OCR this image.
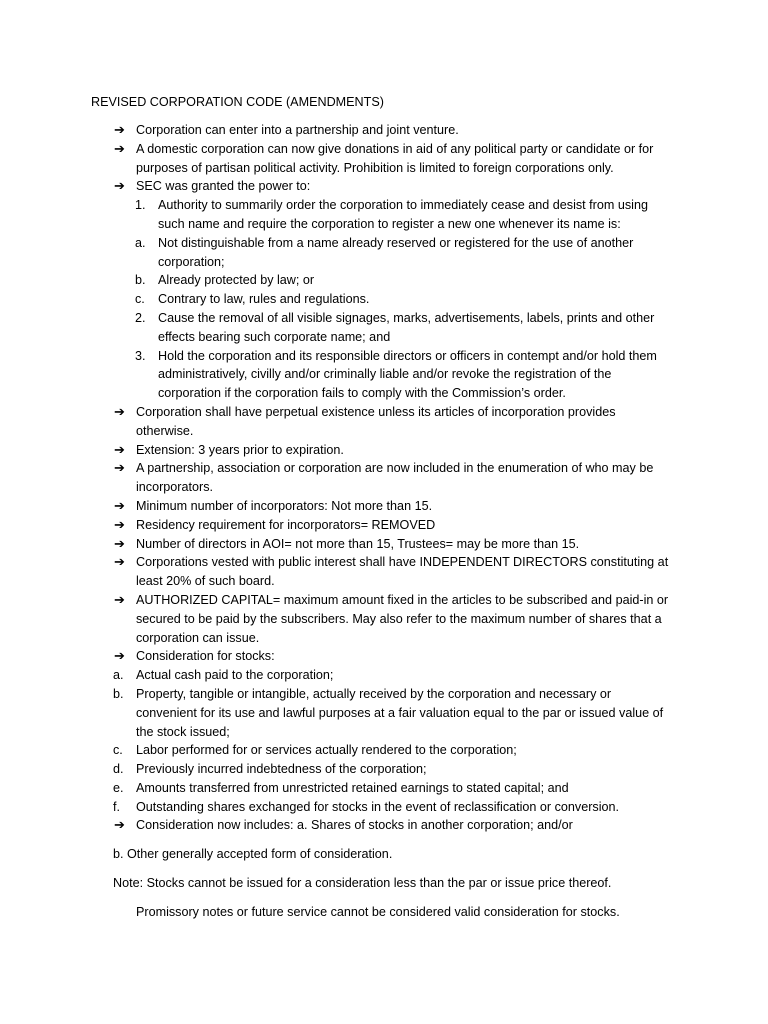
REVISED CORPORATION CODE (AMENDMENTS)
➔ Corporation can enter into a partnership and joint venture.
➔ A domestic corporation can now give donations in aid of any political party or candidate or for purposes of partisan political activity. Prohibition is limited to foreign corporations only.
➔ SEC was granted the power to:
1. Authority to summarily order the corporation to immediately cease and desist from using such name and require the corporation to register a new one whenever its name is:
a. Not distinguishable from a name already reserved or registered for the use of another corporation;
b. Already protected by law; or
c. Contrary to law, rules and regulations.
2. Cause the removal of all visible signages, marks, advertisements, labels, prints and other effects bearing such corporate name; and
3. Hold the corporation and its responsible directors or officers in contempt and/or hold them administratively, civilly and/or criminally liable and/or revoke the registration of the corporation if the corporation fails to comply with the Commission’s order.
➔ Corporation shall have perpetual existence unless its articles of incorporation provides otherwise.
➔ Extension: 3 years prior to expiration.
➔ A partnership, association or corporation are now included in the enumeration of who may be incorporators.
➔ Minimum number of incorporators: Not more than 15.
➔ Residency requirement for incorporators= REMOVED
➔ Number of directors in AOI= not more than 15, Trustees= may be more than 15.
➔ Corporations vested with public interest shall have INDEPENDENT DIRECTORS constituting at least 20% of such board.
➔ AUTHORIZED CAPITAL= maximum amount fixed in the articles to be subscribed and paid-in or secured to be paid by the subscribers. May also refer to the maximum number of shares that a corporation can issue.
➔ Consideration for stocks:
a. Actual cash paid to the corporation;
b. Property, tangible or intangible, actually received by the corporation and necessary or convenient for its use and lawful purposes at a fair valuation equal to the par or issued value of the stock issued;
c. Labor performed for or services actually rendered to the corporation;
d. Previously incurred indebtedness of the corporation;
e. Amounts transferred from unrestricted retained earnings to stated capital; and
f. Outstanding shares exchanged for stocks in the event of reclassification or conversion.
➔ Consideration now includes: a. Shares of stocks in another corporation; and/or
b. Other generally accepted form of consideration.
Note: Stocks cannot be issued for a consideration less than the par or issue price thereof.
Promissory notes or future service cannot be considered valid consideration for stocks.
